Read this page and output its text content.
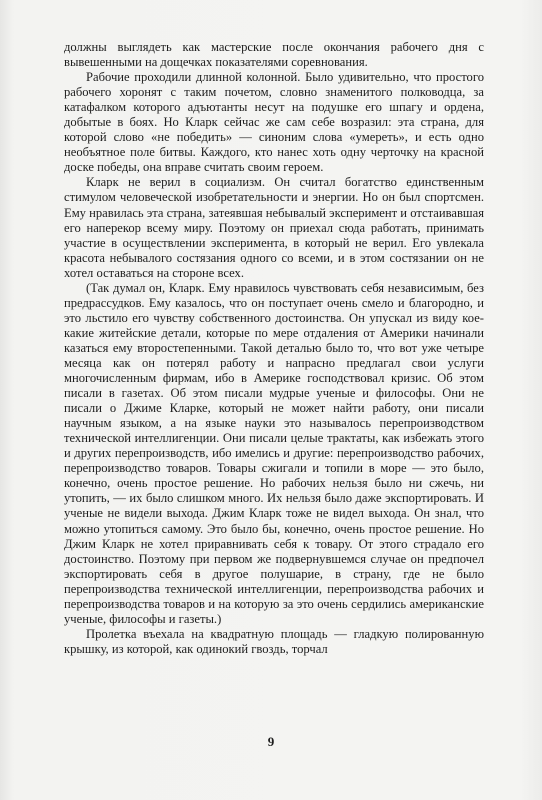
должны выглядеть как мастерские после окончания рабочего дня с вывешенными на дощечках показателями соревнования.

Рабочие проходили длинной колонной. Было удивительно, что простого рабочего хоронят с таким почетом, словно знаменитого полководца, за катафалком которого адъютанты несут на подушке его шпагу и ордена, добытые в боях. Но Кларк сейчас же сам себе возразил: эта страна, для которой слово «не победить» — синоним слова «умереть», и есть одно необъятное поле битвы. Каждого, кто нанес хоть одну черточку на красной доске победы, она вправе считать своим героем.

Кларк не верил в социализм. Он считал богатство единственным стимулом человеческой изобретательности и энергии. Но он был спортсмен. Ему нравилась эта страна, затеявшая небывалый эксперимент и отстаивавшая его наперекор всему миру. Поэтому он приехал сюда работать, принимать участие в осуществлении эксперимента, в который не верил. Его увлекала красота небывалого состязания одного со всеми, и в этом состязании он не хотел оставаться на стороне всех.

(Так думал он, Кларк. Ему нравилось чувствовать себя независимым, без предрассудков. Ему казалось, что он поступает очень смело и благородно, и это льстило его чувству собственного достоинства. Он упускал из виду кое-какие житейские детали, которые по мере отдаления от Америки начинали казаться ему второстепенными. Такой деталью было то, что вот уже четыре месяца как он потерял работу и напрасно предлагал свои услуги многочисленным фирмам, ибо в Америке господствовал кризис. Об этом писали в газетах. Об этом писали мудрые ученые и философы. Они не писали о Джиме Кларке, который не может найти работу, они писали научным языком, а на языке науки это называлось перепроизводством технической интеллигенции. Они писали целые трактаты, как избежать этого и других перепроизводств, ибо имелись и другие: перепроизводство рабочих, перепроизводство товаров. Товары сжигали и топили в море — это было, конечно, очень простое решение. Но рабочих нельзя было ни сжечь, ни утопить, — их было слишком много. Их нельзя было даже экспортировать. И ученые не видели выхода. Джим Кларк тоже не видел выхода. Он знал, что можно утопиться самому. Это было бы, конечно, очень простое решение. Но Джим Кларк не хотел приравнивать себя к товару. От этого страдало его достоинство. Поэтому при первом же подвернувшемся случае он предпочел экспортировать себя в другое полушарие, в страну, где не было перепроизводства технической интеллигенции, перепроизводства рабочих и перепроизводства товаров и на которую за это очень сердились американские ученые, философы и газеты.)

Пролетка въехала на квадратную площадь — гладкую полированную крышку, из которой, как одинокий гвоздь, торчал

9
